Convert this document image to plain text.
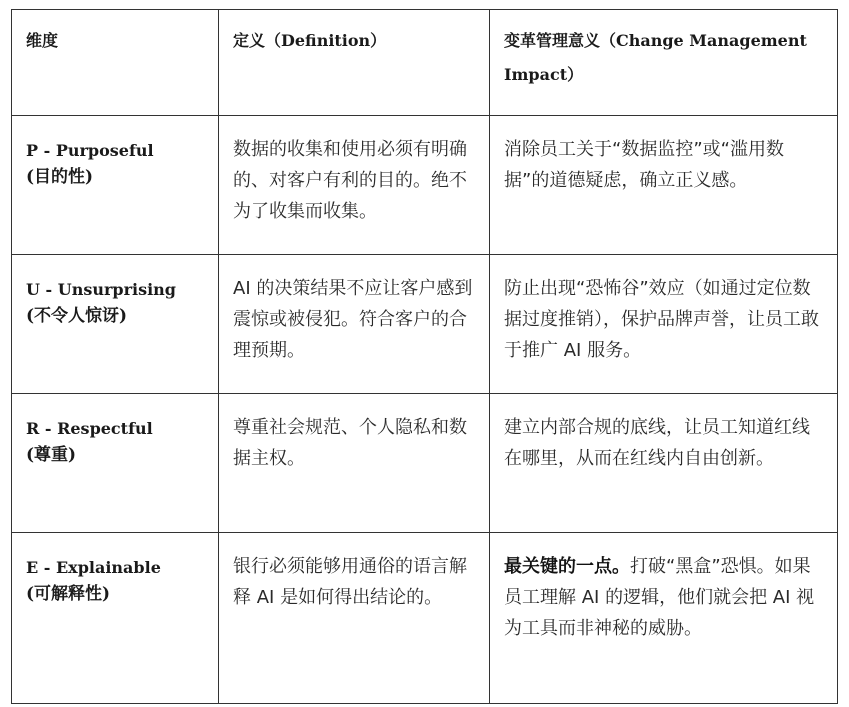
维度	定义（Definition）	变革管理意义（Change Management Impact）

P - Purposeful
(目的性)	数据的收集和使用必须有明确的、对客户有利的目的。绝不为了收集而收集。	消除员工关于“数据监控”或“滥用数据”的道德疑虑，确立正义感。

U - Unsurprising
(不令人惊讶)	AI 的决策结果不应让客户感到震惊或被侵犯。符合客户的合理预期。	防止出现“恐怖谷”效应（如通过定位数据过度推销），保护品牌声誉，让员工敢于推广 AI 服务。

R - Respectful
(尊重)	尊重社会规范、个人隐私和数据主权。	建立内部合规的底线，让员工知道红线在哪里，从而在红线内自由创新。

E - Explainable
(可解释性)	银行必须能够用通俗的语言解释 AI 是如何得出结论的。	最关键的一点。打破“黑盒”恐惧。如果员工理解 AI 的逻辑，他们就会把 AI 视为工具而非神秘的威胁。
